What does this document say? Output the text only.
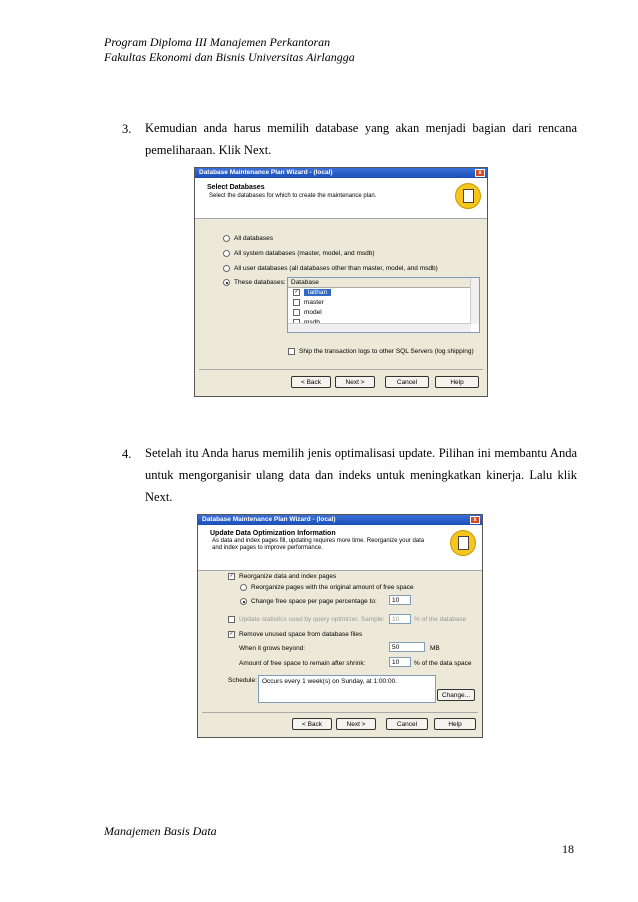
Program Diploma III Manajemen Perkantoran
Fakultas Ekonomi dan Bisnis Universitas Airlangga
3. Kemudian anda harus memilih database yang akan menjadi bagian dari rencana pemeliharaan. Klik Next.
Database Maintenance Plan Wizard - (local)	x
Select Databases
Select the databases for which to create the maintenance plan.
All databases
All system databases (master, model, and msdb)
All user databases (all databases other than master, model, and msdb)
These databases: Database
✓ latihan
master
model
Ship the transaction logs to other SQL Servers (log shipping)
< Back	Next >	Cancel	Help
4. Setelah itu Anda harus memilih jenis optimalisasi update. Pilihan ini membantu Anda untuk mengorganisir ulang data dan indeks untuk meningkatkan kinerja. Lalu klik Next.
Database Maintenance Plan Wizard - (local)	x
Update Data Optimization Information
As data and index pages fill, updating requires more time. Reorganize your data
and index pages to improve performance.
✓ Reorganize data and index pages
Reorganize pages with the original amount of free space
Change free space per page percentage to:	10
Update statistics used by query optimizer. Sample:	10	% of the database
✓ Remove unused space from database files
When it grows beyond:	50	MB
Amount of free space to remain after shrink:	10	% of the data space
Schedule: Occurs every 1 week(s) on Sunday, at 1:00:00.
Change...
< Back	Next >	Cancel	Help
Manajemen Basis Data
18
